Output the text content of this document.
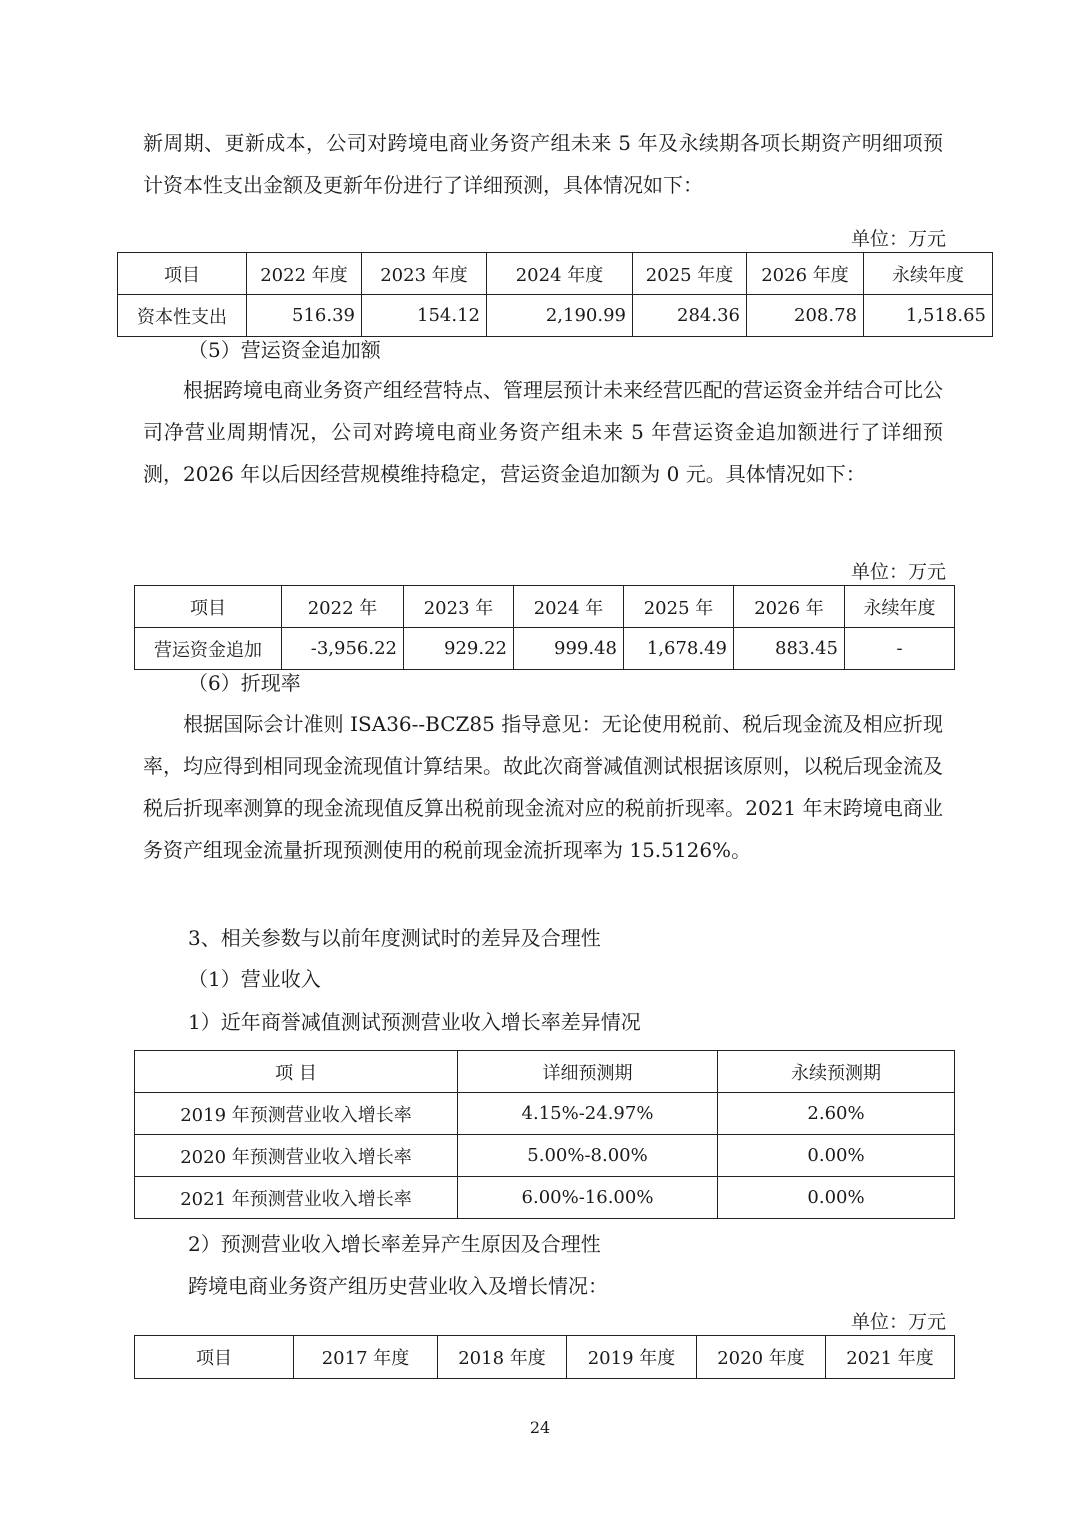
新周期、更新成本，公司对跨境电商业务资产组未来 5 年及永续期各项长期资产明细项预计资本性支出金额及更新年份进行了详细预测，具体情况如下：

单位：万元
项目	2022 年度	2023 年度	2024 年度	2025 年度	2026 年度	永续年度
资本性支出	516.39	154.12	2,190.99	284.36	208.78	1,518.65
（5）营运资金追加额

根据跨境电商业务资产组经营特点、管理层预计未来经营匹配的营运资金并结合可比公司净营业周期情况，公司对跨境电商业务资产组未来 5 年营运资金追加额进行了详细预测，2026 年以后因经营规模维持稳定，营运资金追加额为 0 元。具体情况如下：

单位：万元
项目	2022 年	2023 年	2024 年	2025 年	2026 年	永续年度
营运资金追加	-3,956.22	929.22	999.48	1,678.49	883.45	-
（6）折现率

根据国际会计准则 ISA36--BCZ85 指导意见：无论使用税前、税后现金流及相应折现率，均应得到相同现金流现值计算结果。故此次商誉减值测试根据该原则，以税后现金流及税后折现率测算的现金流现值反算出税前现金流对应的税前折现率。2021 年末跨境电商业务资产组现金流量折现预测使用的税前现金流折现率为 15.5126%。

3、相关参数与以前年度测试时的差异及合理性
（1）营业收入
1）近年商誉减值测试预测营业收入增长率差异情况
项 目	详细预测期	永续预测期
2019 年预测营业收入增长率	4.15%-24.97%	2.60%
2020 年预测营业收入增长率	5.00%-8.00%	0.00%
2021 年预测营业收入增长率	6.00%-16.00%	0.00%
2）预测营业收入增长率差异产生原因及合理性
跨境电商业务资产组历史营业收入及增长情况：
单位：万元
项目	2017 年度	2018 年度	2019 年度	2020 年度	2021 年度
24
